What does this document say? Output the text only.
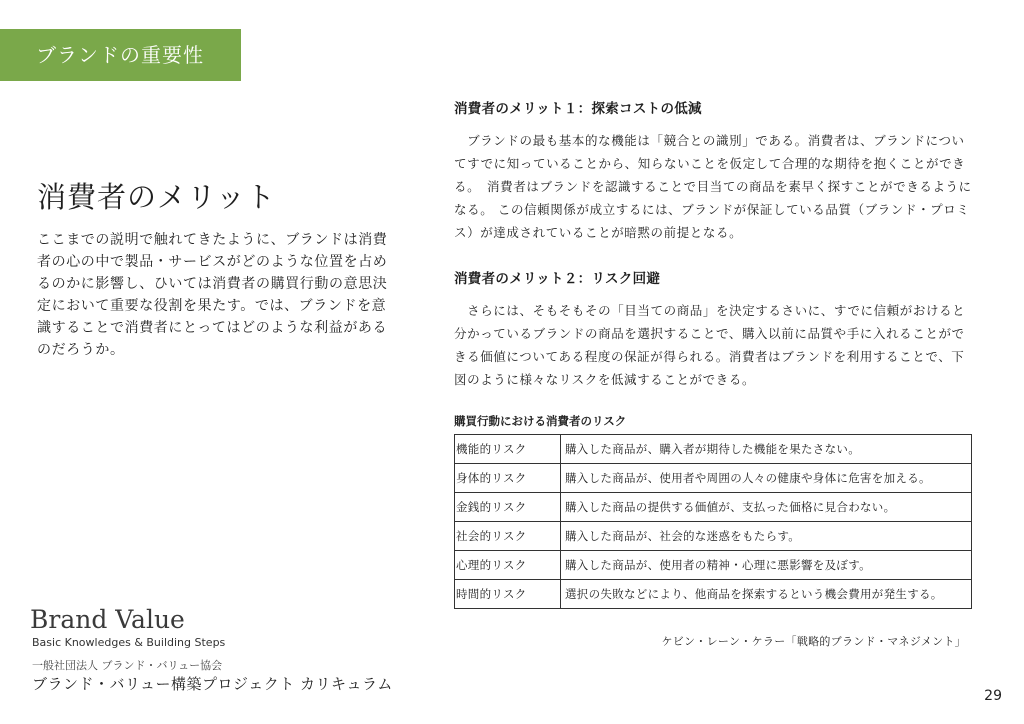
ブランドの重要性
消費者のメリット
ここまでの説明で触れてきたように、ブランドは消費者の心の中で製品・サービスがどのような位置を占めるのかに影響し、ひいては消費者の購買行動の意思決定において重要な役割を果たす。では、ブランドを意識することで消費者にとってはどのような利益があるのだろうか。
Brand Value
Basic Knowledges & Building Steps
一般社団法人 ブランド・バリュー協会
ブランド・バリュー構築プロジェクト カリキュラム
消費者のメリット１：探索コストの低減

　ブランドの最も基本的な機能は「競合との識別」である。消費者は、ブランドについてすでに知っていることから、知らないことを仮定して合理的な期待を抱くことができる。　消費者はブランドを認識することで目当ての商品を素早く探すことができるようになる。 この信頼関係が成立するには、ブランドが保証している品質（ブランド・プロミス）が達成されていることが暗黙の前提となる。

消費者のメリット２：リスク回避

　さらには、そもそもその「目当ての商品」を決定するさいに、すでに信頼がおけると分かっているブランドの商品を選択することで、購入以前に品質や手に入れることができる価値についてある程度の保証が得られる。消費者はブランドを利用することで、下図のように様々なリスクを低減することができる。

購買行動における消費者のリスク
機能的リスク	購入した商品が、購入者が期待した機能を果たさない。
身体的リスク	購入した商品が、使用者や周囲の人々の健康や身体に危害を加える。
金銭的リスク	購入した商品の提供する価値が、支払った価格に見合わない。
社会的リスク	購入した商品が、社会的な迷惑をもたらす。
心理的リスク	購入した商品が、使用者の精神・心理に悪影響を及ぼす。
時間的リスク	選択の失敗などにより、他商品を探索するという機会費用が発生する。
ケビン・レーン・ケラー「戦略的ブランド・マネジメント」
29
